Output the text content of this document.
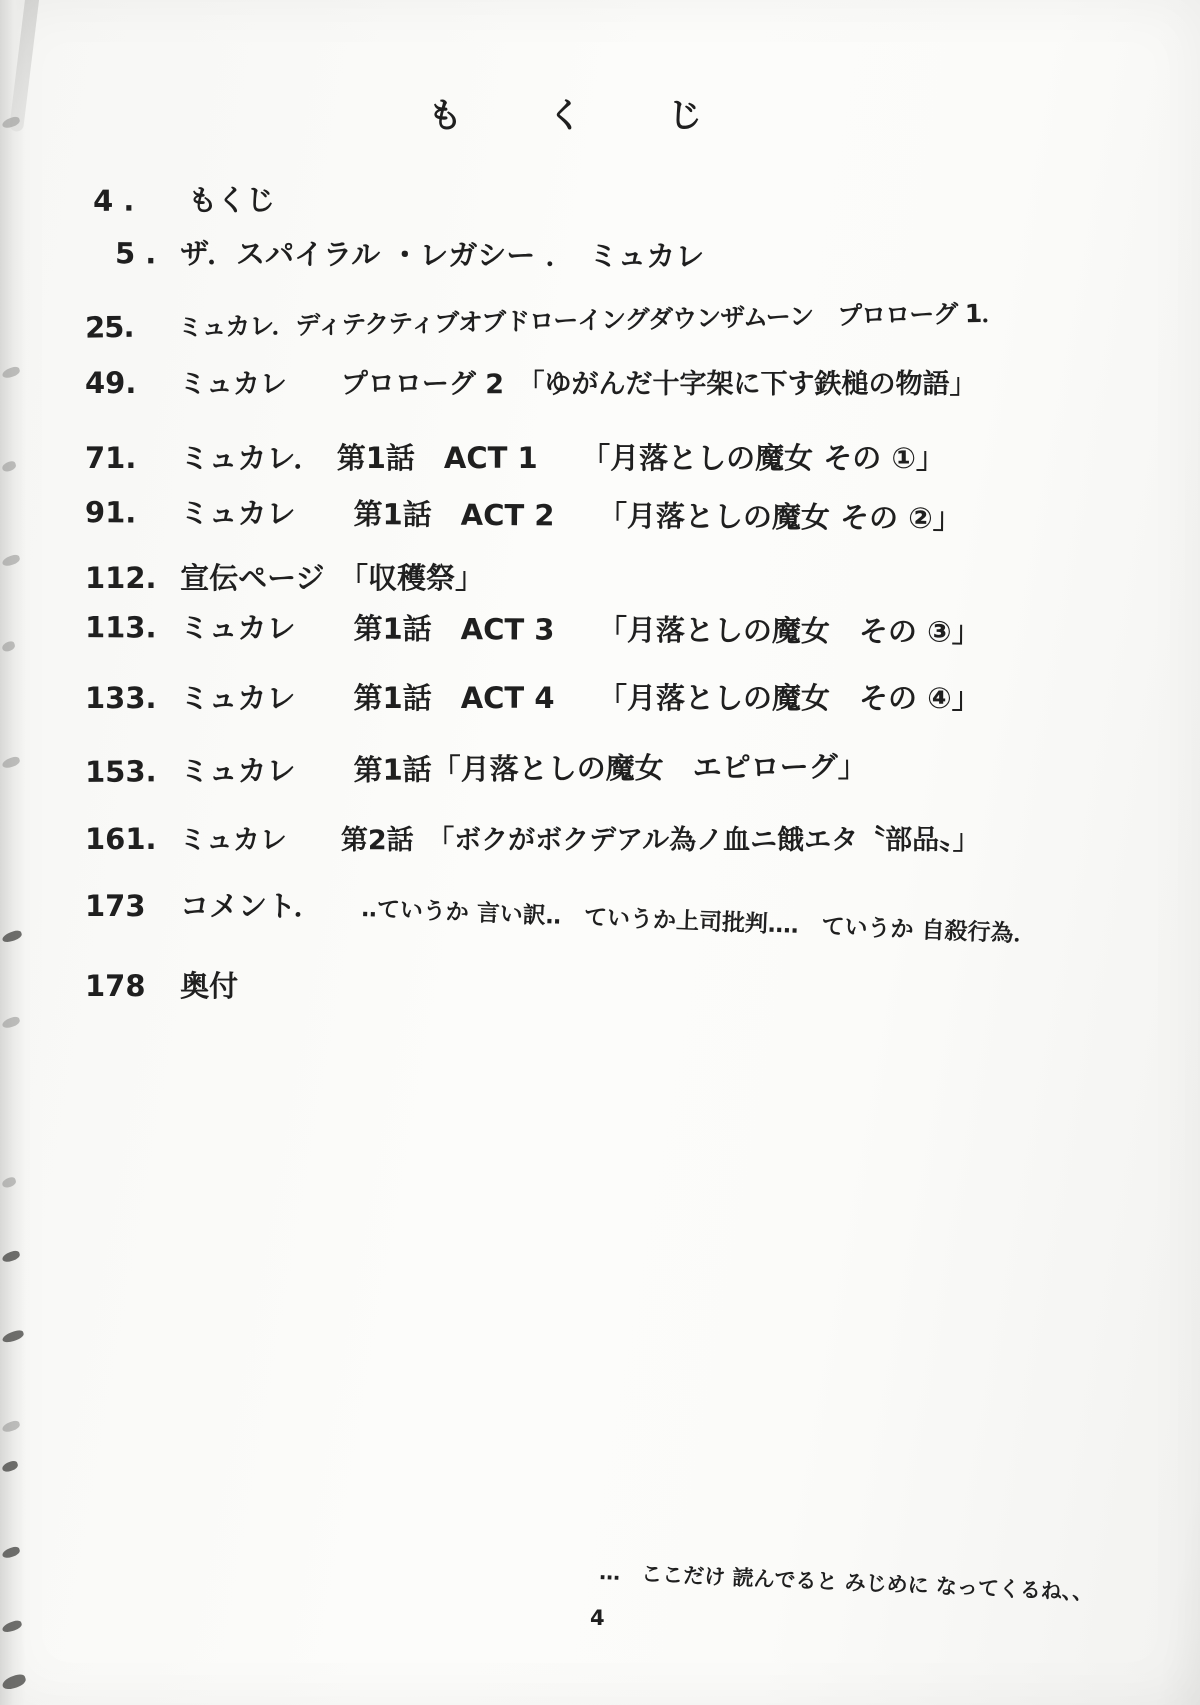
も　く　じ
4 . もくじ
5 . ザ．スパイラル ・レガシー ．　ミュカレ
25. ミュカレ．ディテクティブオブドローイングダウンザムーン　プロローグ 1．
49. ミュカレ　　プロローグ 2　「ゆがんだ十字架に下す鉄槌の物語」
71. ミュカレ．　第1話　ACT 1　　「月落としの魔女 その ①」
91. ミュカレ　　第1話　ACT 2　　「月落としの魔女 その ②」
112. 宣伝ページ　「収穫祭」
113. ミュカレ　　第1話　ACT 3　　「月落としの魔女　その ③」
133. ミュカレ　　第1話　ACT 4　　「月落としの魔女　その ④」
153. ミュカレ　　第1話「月落としの魔女　エピローグ」
161. ミュカレ　　第2話　「ボクがボクデアル為ノ血ニ餓エタ〝部品〟」
173 コメント． ‥ていうか 言い訳‥　ていうか上司批判‥‥　ていうか 自殺行為．
178 奥付
…　ここだけ 読んでると みじめに なってくるね、、
4
